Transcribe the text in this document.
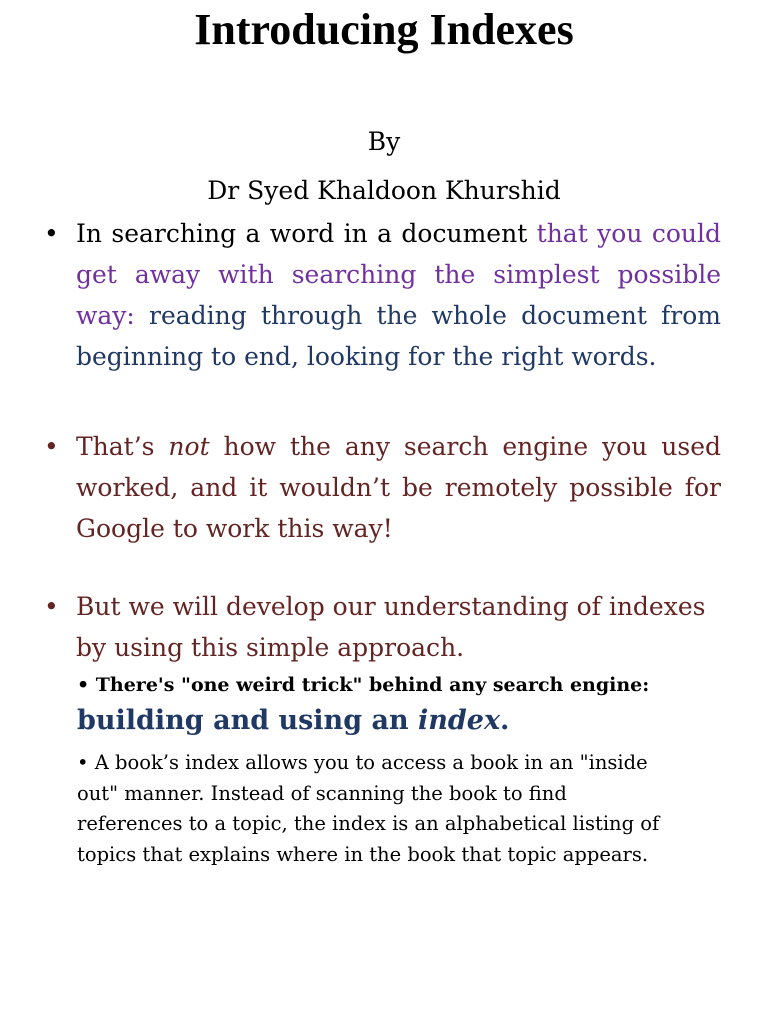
Introducing Indexes

By

Dr Syed Khaldoon Khurshid

• In searching a word in a document that you could get away with searching the simplest possible way: reading through the whole document from beginning to end, looking for the right words.
• That’s not how the any search engine you used worked, and it wouldn’t be remotely possible for Google to work this way!
• But we will develop our understanding of indexes by using this simple approach.

• There's "one weird trick" behind any search engine: building and using an index.

• A book’s index allows you to access a book in an "inside out" manner. Instead of scanning the book to find references to a topic, the index is an alphabetical listing of topics that explains where in the book that topic appears.
